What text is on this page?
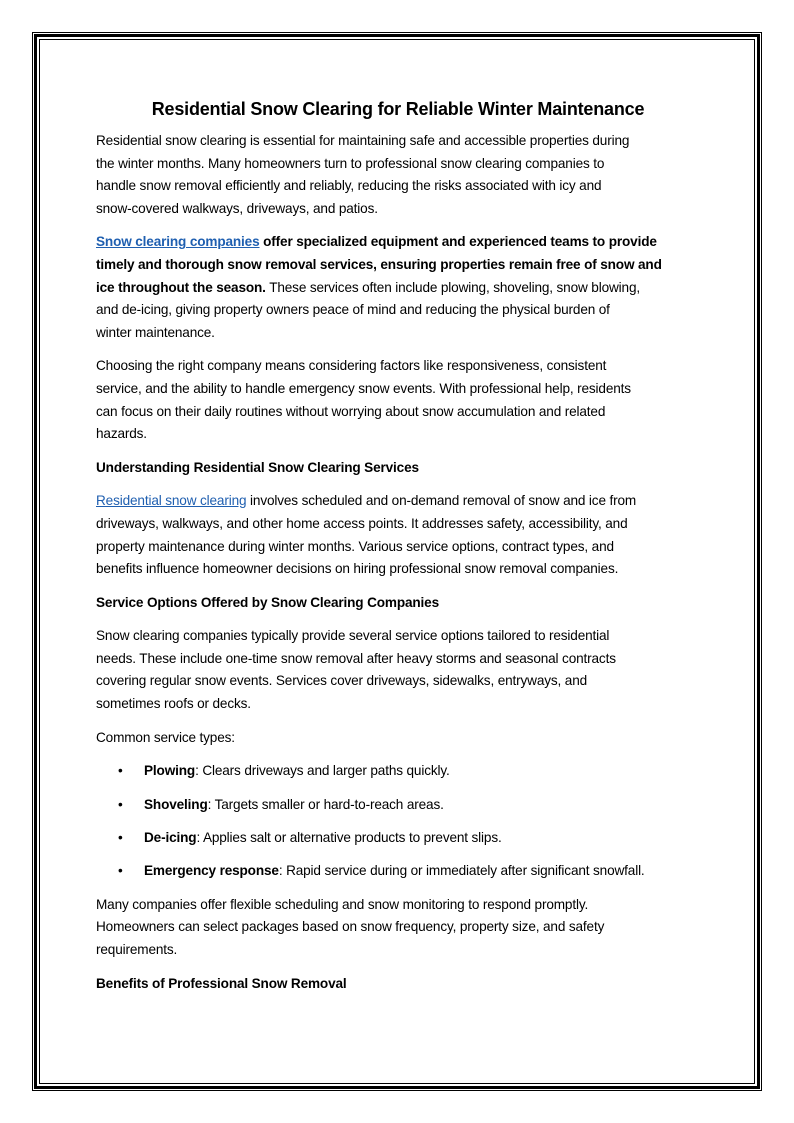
Residential Snow Clearing for Reliable Winter Maintenance

Residential snow clearing is essential for maintaining safe and accessible properties during
the winter months. Many homeowners turn to professional snow clearing companies to
handle snow removal efficiently and reliably, reducing the risks associated with icy and
snow-covered walkways, driveways, and patios.

Snow clearing companies offer specialized equipment and experienced teams to provide
timely and thorough snow removal services, ensuring properties remain free of snow and
ice throughout the season. These services often include plowing, shoveling, snow blowing,
and de-icing, giving property owners peace of mind and reducing the physical burden of
winter maintenance.

Choosing the right company means considering factors like responsiveness, consistent
service, and the ability to handle emergency snow events. With professional help, residents
can focus on their daily routines without worrying about snow accumulation and related
hazards.

Understanding Residential Snow Clearing Services

Residential snow clearing involves scheduled and on-demand removal of snow and ice from
driveways, walkways, and other home access points. It addresses safety, accessibility, and
property maintenance during winter months. Various service options, contract types, and
benefits influence homeowner decisions on hiring professional snow removal companies.

Service Options Offered by Snow Clearing Companies

Snow clearing companies typically provide several service options tailored to residential
needs. These include one-time snow removal after heavy storms and seasonal contracts
covering regular snow events. Services cover driveways, sidewalks, entryways, and
sometimes roofs or decks.

Common service types:

• Plowing: Clears driveways and larger paths quickly.
• Shoveling: Targets smaller or hard-to-reach areas.
• De-icing: Applies salt or alternative products to prevent slips.
• Emergency response: Rapid service during or immediately after significant snowfall.

Many companies offer flexible scheduling and snow monitoring to respond promptly.
Homeowners can select packages based on snow frequency, property size, and safety
requirements.

Benefits of Professional Snow Removal
